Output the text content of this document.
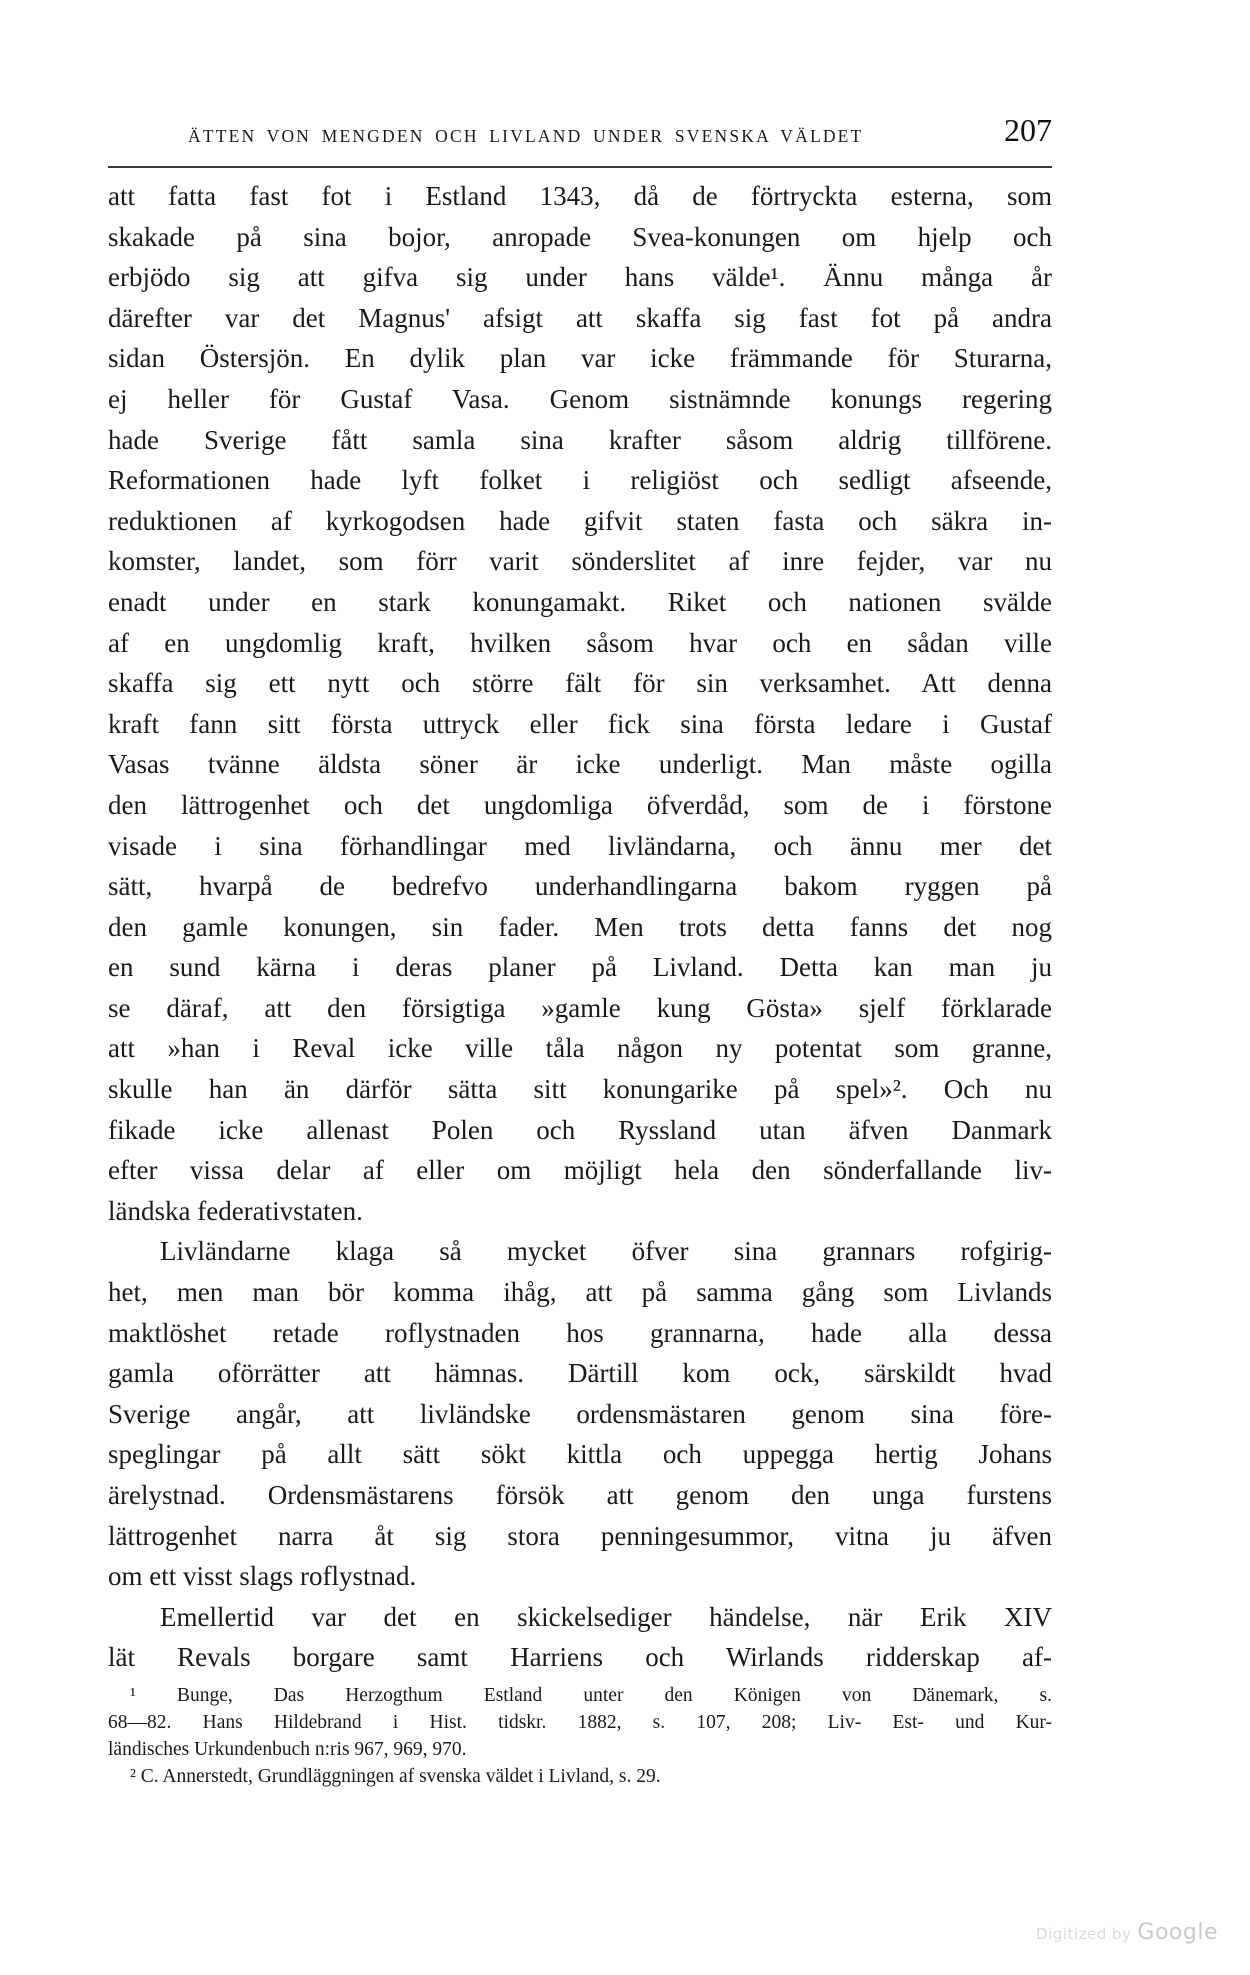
ÄTTEN VON MENGDEN OCH LIVLAND UNDER SVENSKA VÄLDET	207
att fatta fast fot i Estland 1343, då de förtryckta esterna, som
skakade på sina bojor, anropade Svea-konungen om hjelp och
erbjödo sig att gifva sig under hans välde¹. Ännu många år
därefter var det Magnus' afsigt att skaffa sig fast fot på andra
sidan Östersjön. En dylik plan var icke främmande för Sturarna,
ej heller för Gustaf Vasa. Genom sistnämnde konungs regering
hade Sverige fått samla sina krafter såsom aldrig tillförene.
Reformationen hade lyft folket i religiöst och sedligt afseende,
reduktionen af kyrkogodsen hade gifvit staten fasta och säkra in-
komster, landet, som förr varit sönderslitet af inre fejder, var nu
enadt under en stark konungamakt. Riket och nationen svälde
af en ungdomlig kraft, hvilken såsom hvar och en sådan ville
skaffa sig ett nytt och större fält för sin verksamhet. Att denna
kraft fann sitt första uttryck eller fick sina första ledare i Gustaf
Vasas tvänne äldsta söner är icke underligt. Man måste ogilla
den lättrogenhet och det ungdomliga öfverdåd, som de i förstone
visade i sina förhandlingar med livländarna, och ännu mer det
sätt, hvarpå de bedrefvo underhandlingarna bakom ryggen på
den gamle konungen, sin fader. Men trots detta fanns det nog
en sund kärna i deras planer på Livland. Detta kan man ju
se däraf, att den försigtiga »gamle kung Gösta» sjelf förklarade
att »han i Reval icke ville tåla någon ny potentat som granne,
skulle han än därför sätta sitt konungarike på spel»². Och nu
fikade icke allenast Polen och Ryssland utan äfven Danmark
efter vissa delar af eller om möjligt hela den sönderfallande liv-
ländska federativstaten.
Livländarne klaga så mycket öfver sina grannars rofgirig-
het, men man bör komma ihåg, att på samma gång som Livlands
maktlöshet retade roflystnaden hos grannarna, hade alla dessa
gamla oförrätter att hämnas. Därtill kom ock, särskildt hvad
Sverige angår, att livländske ordensmästaren genom sina före-
speglingar på allt sätt sökt kittla och uppegga hertig Johans
ärelystnad. Ordensmästarens försök att genom den unga furstens
lättrogenhet narra åt sig stora penningesummor, vitna ju äfven
om ett visst slags roflystnad.
Emellertid var det en skickelsediger händelse, när Erik XIV
lät Revals borgare samt Harriens och Wirlands ridderskap af-
¹ Bunge, Das Herzogthum Estland unter den Königen von Dänemark, s.
68—82. Hans Hildebrand i Hist. tidskr. 1882, s. 107, 208; Liv- Est- und Kur-
ländisches Urkundenbuch n:ris 967, 969, 970.
² C. Annerstedt, Grundläggningen af svenska väldet i Livland, s. 29.
Digitized by Google
